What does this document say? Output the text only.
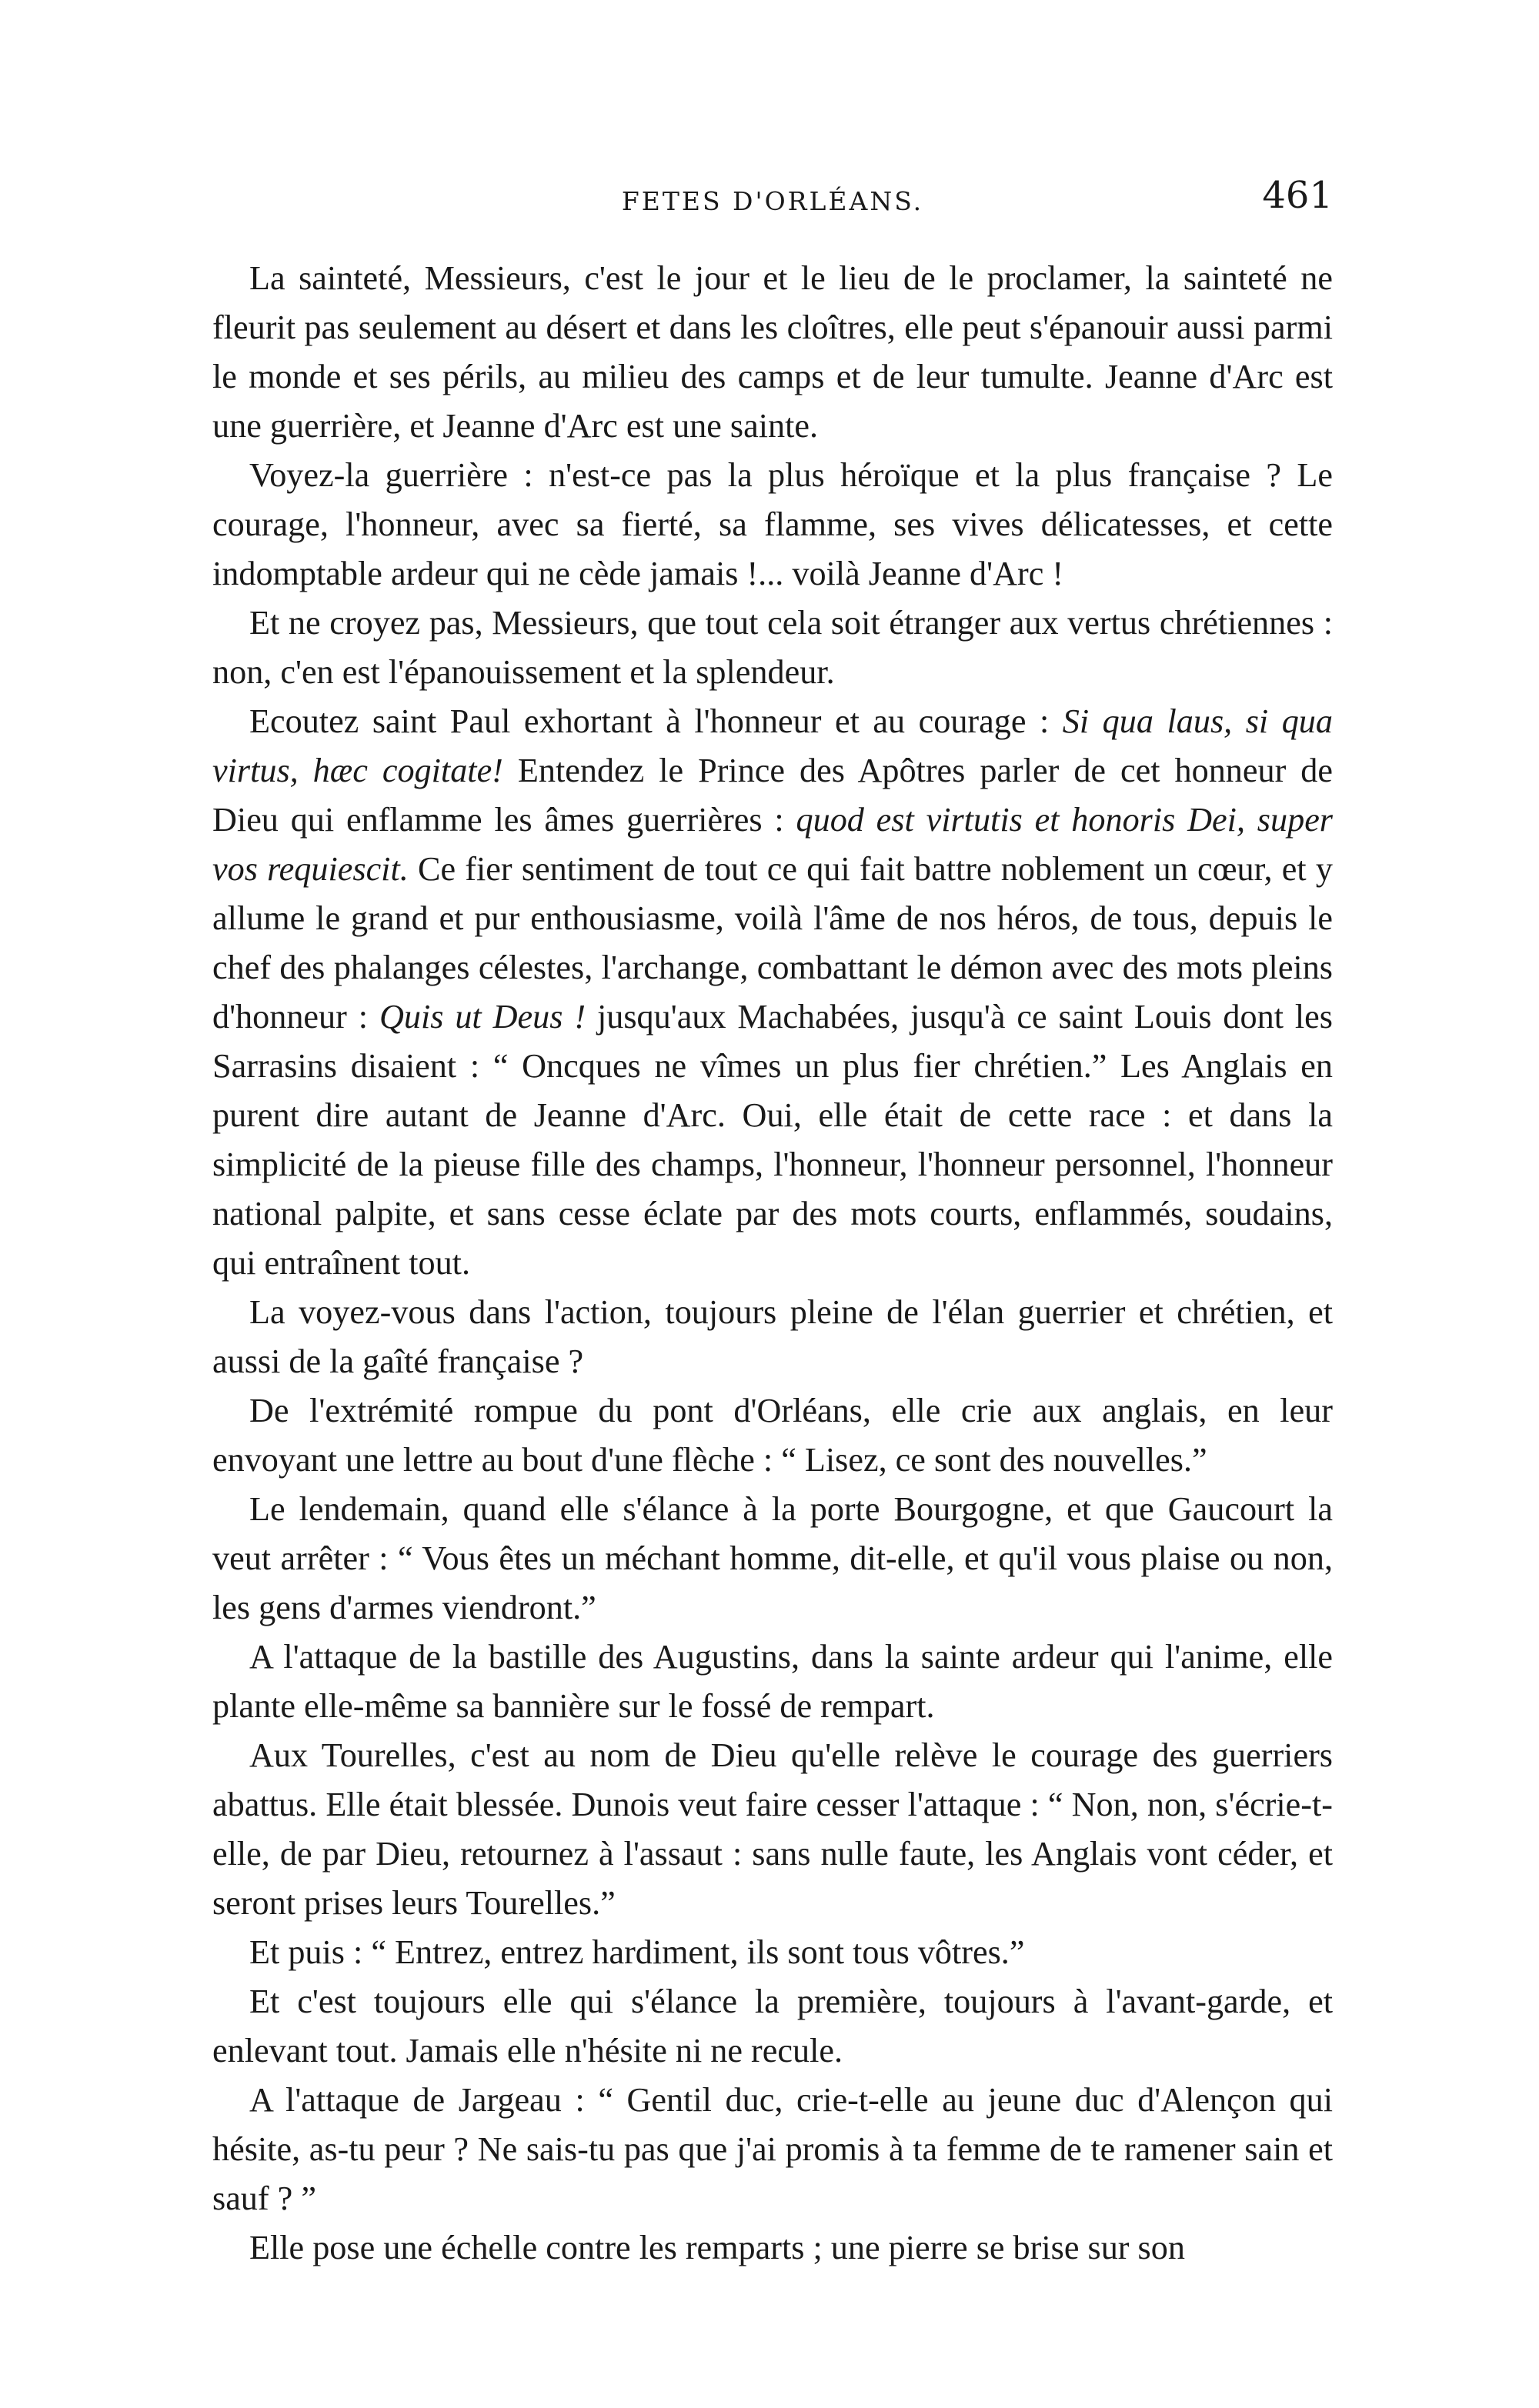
FETES D'ORLÉANS.	461

La sainteté, Messieurs, c'est le jour et le lieu de le proclamer, la sainteté ne fleurit pas seulement au désert et dans les cloîtres, elle peut s'épanouir aussi parmi le monde et ses périls, au milieu des camps et de leur tumulte. Jeanne d'Arc est une guerrière, et Jeanne d'Arc est une sainte.

Voyez-la guerrière : n'est-ce pas la plus héroïque et la plus française ? Le courage, l'honneur, avec sa fierté, sa flamme, ses vives délicatesses, et cette indomptable ardeur qui ne cède jamais !... voilà Jeanne d'Arc !

Et ne croyez pas, Messieurs, que tout cela soit étranger aux vertus chrétiennes : non, c'en est l'épanouissement et la splendeur.

Ecoutez saint Paul exhortant à l'honneur et au courage : Si qua laus, si qua virtus, hæc cogitate! Entendez le Prince des Apôtres parler de cet honneur de Dieu qui enflamme les âmes guerrières : quod est virtutis et honoris Dei, super vos requiescit. Ce fier sentiment de tout ce qui fait battre noblement un cœur, et y allume le grand et pur enthousiasme, voilà l'âme de nos héros, de tous, depuis le chef des phalanges célestes, l'archange, combattant le démon avec des mots pleins d'honneur : Quis ut Deus ! jusqu'aux Machabées, jusqu'à ce saint Louis dont les Sarrasins disaient : “ Oncques ne vîmes un plus fier chrétien.” Les Anglais en purent dire autant de Jeanne d'Arc. Oui, elle était de cette race : et dans la simplicité de la pieuse fille des champs, l'honneur, l'honneur personnel, l'honneur national palpite, et sans cesse éclate par des mots courts, enflammés, soudains, qui entraînent tout.

La voyez-vous dans l'action, toujours pleine de l'élan guerrier et chrétien, et aussi de la gaîté française ?

De l'extrémité rompue du pont d'Orléans, elle crie aux anglais, en leur envoyant une lettre au bout d'une flèche : “ Lisez, ce sont des nouvelles.”

Le lendemain, quand elle s'élance à la porte Bourgogne, et que Gaucourt la veut arrêter : “ Vous êtes un méchant homme, dit-elle, et qu'il vous plaise ou non, les gens d'armes viendront.”

A l'attaque de la bastille des Augustins, dans la sainte ardeur qui l'anime, elle plante elle-même sa bannière sur le fossé de rempart.

Aux Tourelles, c'est au nom de Dieu qu'elle relève le courage des guerriers abattus. Elle était blessée. Dunois veut faire cesser l'attaque : “ Non, non, s'écrie-t-elle, de par Dieu, retournez à l'assaut : sans nulle faute, les Anglais vont céder, et seront prises leurs Tourelles.”

Et puis : “ Entrez, entrez hardiment, ils sont tous vôtres.”

Et c'est toujours elle qui s'élance la première, toujours à l'avant-garde, et enlevant tout. Jamais elle n'hésite ni ne recule.

A l'attaque de Jargeau : “ Gentil duc, crie-t-elle au jeune duc d'Alençon qui hésite, as-tu peur ? Ne sais-tu pas que j'ai promis à ta femme de te ramener sain et sauf ? ”

Elle pose une échelle contre les remparts ; une pierre se brise sur son
